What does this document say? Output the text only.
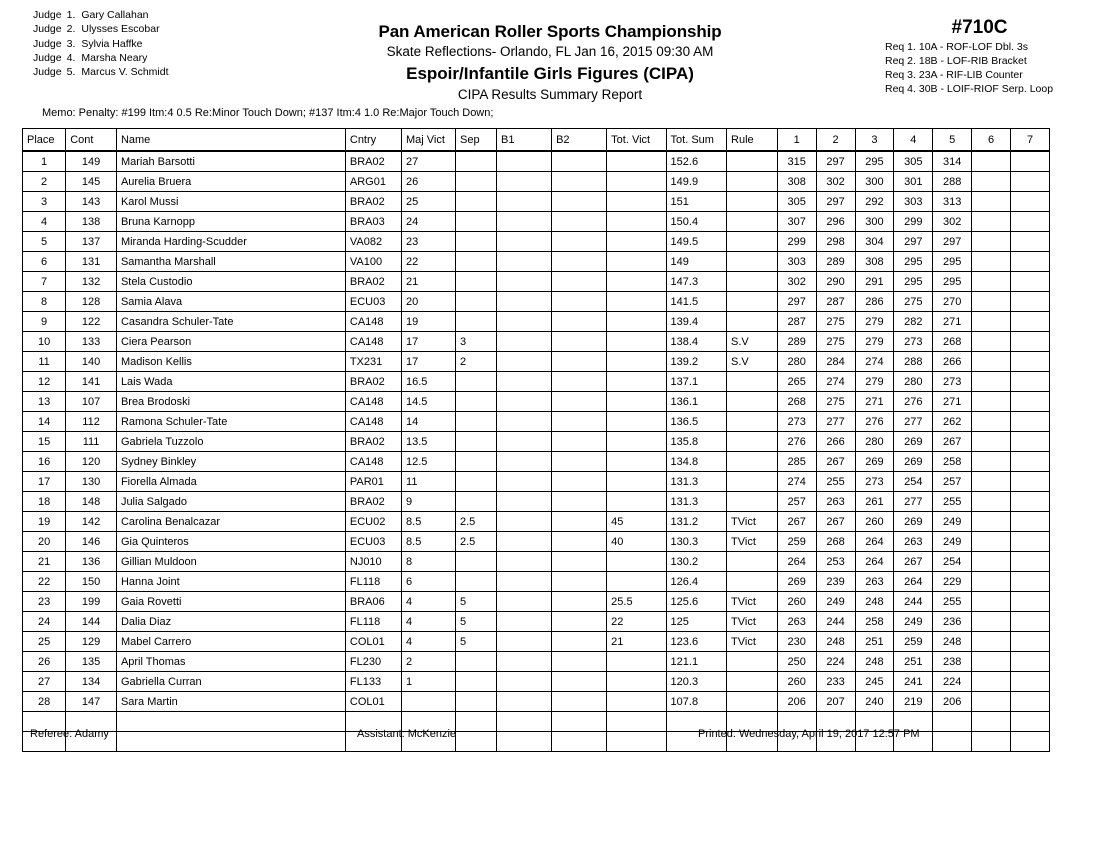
Judge 1. Gary Callahan
Judge 2. Ulysses Escobar
Judge 3. Sylvia Haffke
Judge 4. Marsha Neary
Judge 5. Marcus V. Schmidt
Pan American Roller Sports Championship
Skate Reflections- Orlando, FL Jan 16, 2015 09:30 AM
Espoir/Infantile Girls Figures (CIPA)
CIPA Results Summary Report
#710C
Req 1. 10A - ROF-LOF Dbl. 3s
Req 2. 18B - LOF-RIB Bracket
Req 3. 23A - RIF-LIB Counter
Req 4. 30B - LOIF-RIOF Serp. Loop
Memo: Penalty: #199 Itm:4 0.5 Re:Minor Touch Down; #137 Itm:4 1.0 Re:Major Touch Down;
Place	Cont	Name	Cntry	Maj Vict	Sep	B1	B2	Tot. Vict	Tot. Sum	Rule	1	2	3	4	5	6	7
1	149	Mariah Barsotti	BRA02	27					152.6		315	297	295	305	314		
2	145	Aurelia Bruera	ARG01	26					149.9		308	302	300	301	288		
3	143	Karol Mussi	BRA02	25					151		305	297	292	303	313		
4	138	Bruna Karnopp	BRA03	24					150.4		307	296	300	299	302		
5	137	Miranda Harding-Scudder	VA082	23					149.5		299	298	304	297	297		
6	131	Samantha Marshall	VA100	22					149		303	289	308	295	295		
7	132	Stela Custodio	BRA02	21					147.3		302	290	291	295	295		
8	128	Samia Alava	ECU03	20					141.5		297	287	286	275	270		
9	122	Casandra Schuler-Tate	CA148	19					139.4		287	275	279	282	271		
10	133	Ciera Pearson	CA148	17	3				138.4	S.V	289	275	279	273	268		
11	140	Madison Kellis	TX231	17	2				139.2	S.V	280	284	274	288	266		
12	141	Lais Wada	BRA02	16.5					137.1		265	274	279	280	273		
13	107	Brea Brodoski	CA148	14.5					136.1		268	275	271	276	271		
14	112	Ramona Schuler-Tate	CA148	14					136.5		273	277	276	277	262		
15	111	Gabriela Tuzzolo	BRA02	13.5					135.8		276	266	280	269	267		
16	120	Sydney Binkley	CA148	12.5					134.8		285	267	269	269	258		
17	130	Fiorella Almada	PAR01	11					131.3		274	255	273	254	257		
18	148	Julia Salgado	BRA02	9					131.3		257	263	261	277	255		
19	142	Carolina Benalcazar	ECU02	8.5	2.5			45	131.2	TVict	267	267	260	269	249		
20	146	Gia Quinteros	ECU03	8.5	2.5			40	130.3	TVict	259	268	264	263	249		
21	136	Gillian Muldoon	NJ010	8					130.2		264	253	264	267	254		
22	150	Hanna Joint	FL118	6					126.4		269	239	263	264	229		
23	199	Gaia Rovetti	BRA06	4	5			25.5	125.6	TVict	260	249	248	244	255		
24	144	Dalia Diaz	FL118	4	5			22	125	TVict	263	244	258	249	236		
25	129	Mabel Carrero	COL01	4	5			21	123.6	TVict	230	248	251	259	248		
26	135	April Thomas	FL230	2					121.1		250	224	248	251	238		
27	134	Gabriella Curran	FL133	1					120.3		260	233	245	241	224		
28	147	Sara Martin	COL01						107.8		206	207	240	219	206		

Referee: Adamy	Assistant: McKenzie	Printed: Wednesday, April 19, 2017 12:57 PM
